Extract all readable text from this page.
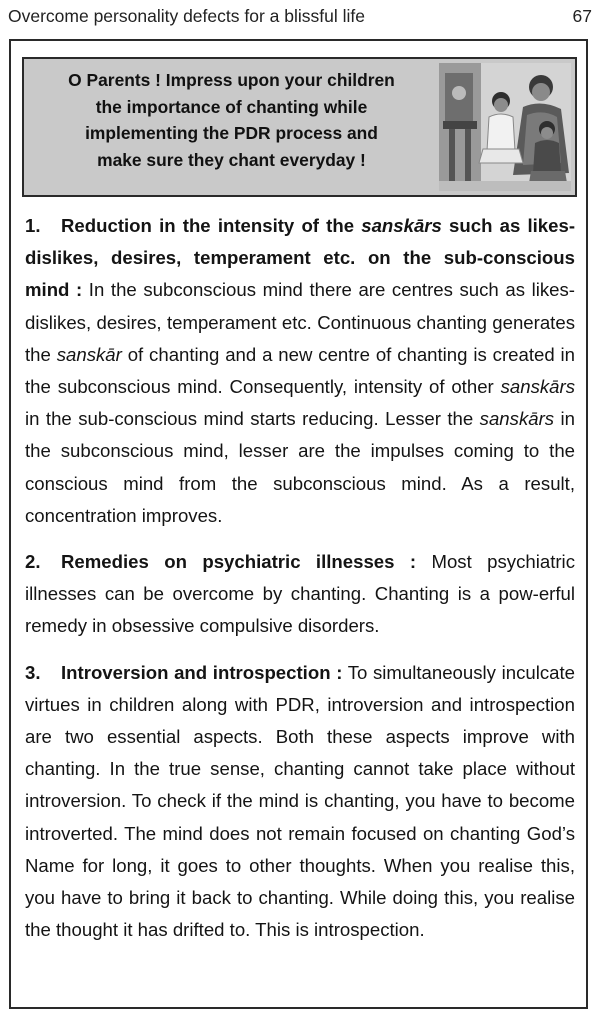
Overcome personality defects for a blissful life	67
O Parents ! Impress upon your children
the importance of chanting while
implementing the PDR process and
make sure they chant everyday !

1. Reduction in the intensity of the sanskārs such as likes-dislikes, desires, temperament etc. on the sub-conscious mind : In the subconscious mind there are centres such as likes-dislikes, desires, temperament etc. Continuous chanting generates the sanskār of chanting and a new centre of chanting is created in the subconscious mind. Consequently, intensity of other sanskārs in the sub-conscious mind starts reducing. Lesser the sanskārs in the subconscious mind, lesser are the impulses coming to the conscious mind from the subconscious mind. As a result, concentration improves.

2. Remedies on psychiatric illnesses : Most psychiatric illnesses can be overcome by chanting. Chanting is a pow-erful remedy in obsessive compulsive disorders.

3. Introversion and introspection : To simultaneously inculcate virtues in children along with PDR, introversion and introspection are two essential aspects. Both these aspects improve with chanting. In the true sense, chanting cannot take place without introversion. To check if the mind is chanting, you have to become introverted. The mind does not remain focused on chanting God’s Name for long, it goes to other thoughts. When you realise this, you have to bring it back to chanting. While doing this, you realise the thought it has drifted to. This is introspection.
